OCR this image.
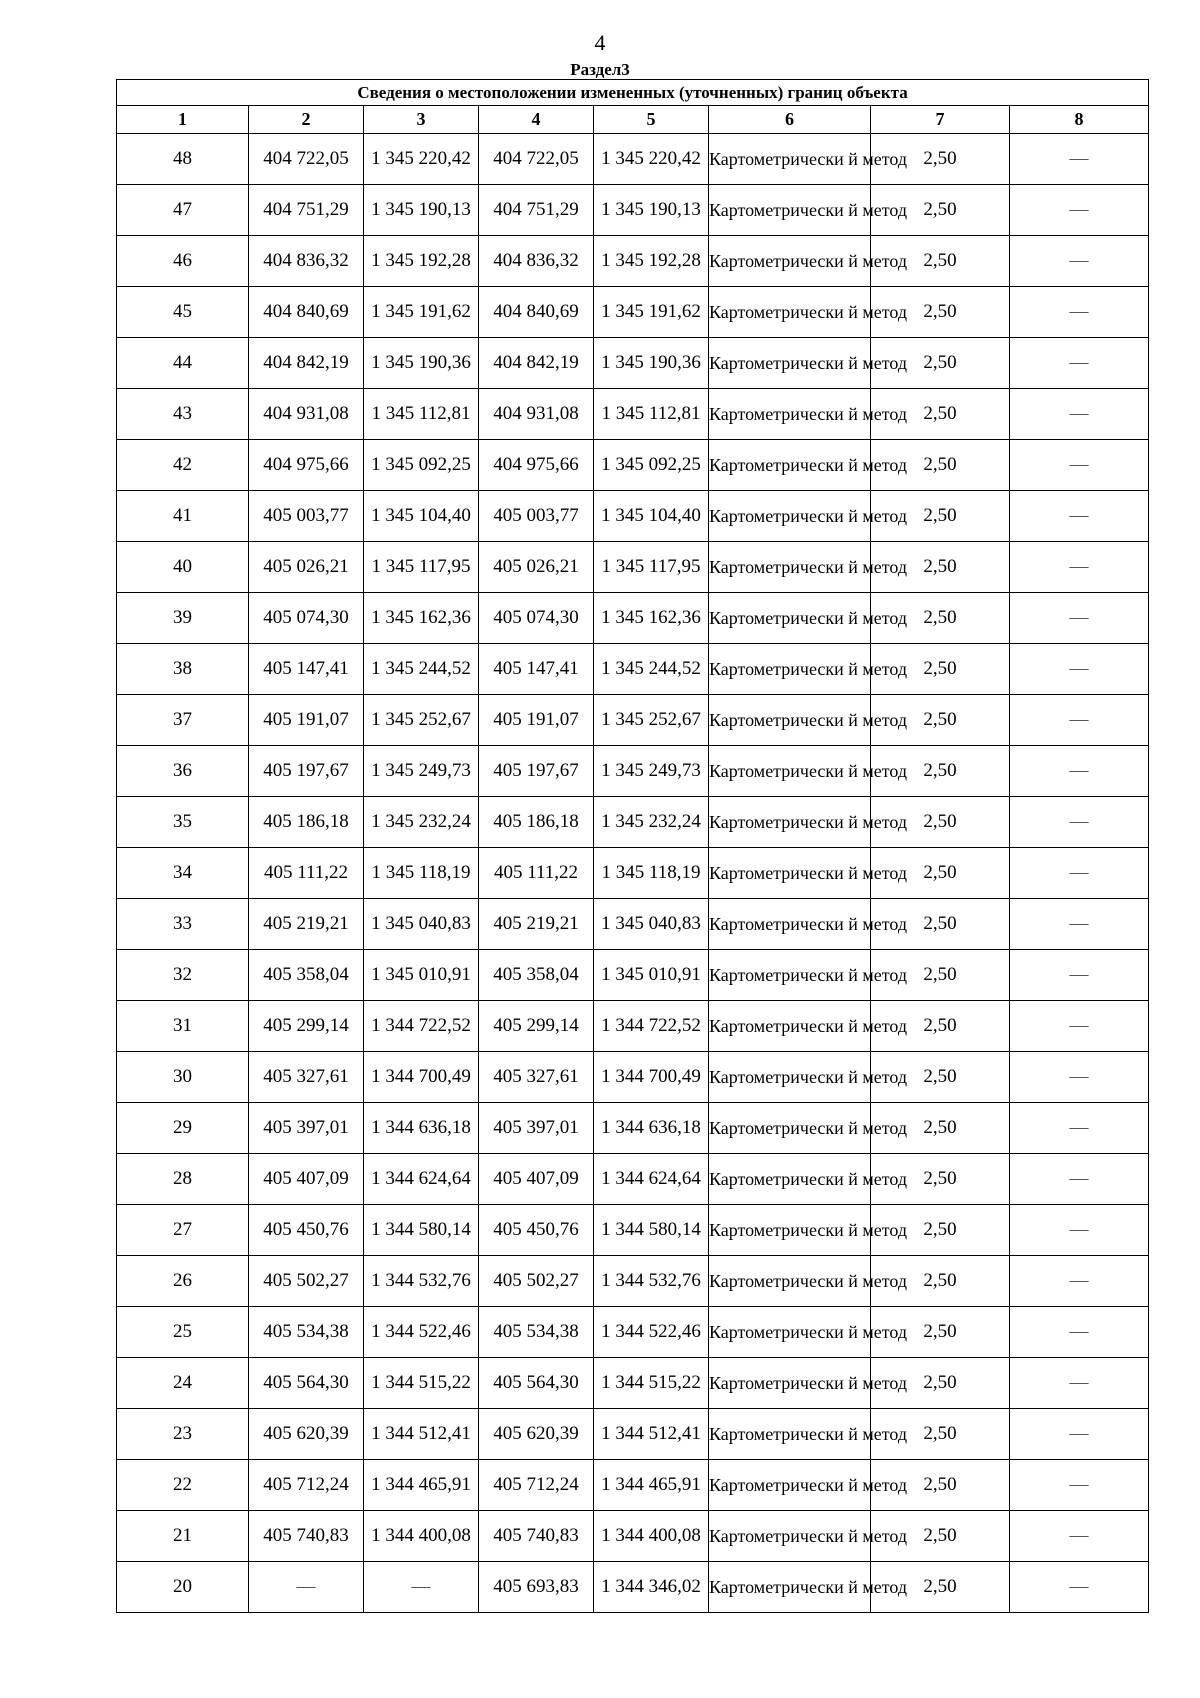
4
Раздел3
Сведения о местоположении измененных (уточненных) границ объекта							
1	2	3	4	5	6	7	8
48	404 722,05	1 345 220,42	404 722,05	1 345 220,42	Картометрически й метод	2,50	—
47	404 751,29	1 345 190,13	404 751,29	1 345 190,13	Картометрически й метод	2,50	—
46	404 836,32	1 345 192,28	404 836,32	1 345 192,28	Картометрически й метод	2,50	—
45	404 840,69	1 345 191,62	404 840,69	1 345 191,62	Картометрически й метод	2,50	—
44	404 842,19	1 345 190,36	404 842,19	1 345 190,36	Картометрически й метод	2,50	—
43	404 931,08	1 345 112,81	404 931,08	1 345 112,81	Картометрически й метод	2,50	—
42	404 975,66	1 345 092,25	404 975,66	1 345 092,25	Картометрически й метод	2,50	—
41	405 003,77	1 345 104,40	405 003,77	1 345 104,40	Картометрически й метод	2,50	—
40	405 026,21	1 345 117,95	405 026,21	1 345 117,95	Картометрически й метод	2,50	—
39	405 074,30	1 345 162,36	405 074,30	1 345 162,36	Картометрически й метод	2,50	—
38	405 147,41	1 345 244,52	405 147,41	1 345 244,52	Картометрически й метод	2,50	—
37	405 191,07	1 345 252,67	405 191,07	1 345 252,67	Картометрически й метод	2,50	—
36	405 197,67	1 345 249,73	405 197,67	1 345 249,73	Картометрически й метод	2,50	—
35	405 186,18	1 345 232,24	405 186,18	1 345 232,24	Картометрически й метод	2,50	—
34	405 111,22	1 345 118,19	405 111,22	1 345 118,19	Картометрически й метод	2,50	—
33	405 219,21	1 345 040,83	405 219,21	1 345 040,83	Картометрически й метод	2,50	—
32	405 358,04	1 345 010,91	405 358,04	1 345 010,91	Картометрически й метод	2,50	—
31	405 299,14	1 344 722,52	405 299,14	1 344 722,52	Картометрически й метод	2,50	—
30	405 327,61	1 344 700,49	405 327,61	1 344 700,49	Картометрически й метод	2,50	—
29	405 397,01	1 344 636,18	405 397,01	1 344 636,18	Картометрически й метод	2,50	—
28	405 407,09	1 344 624,64	405 407,09	1 344 624,64	Картометрически й метод	2,50	—
27	405 450,76	1 344 580,14	405 450,76	1 344 580,14	Картометрически й метод	2,50	—
26	405 502,27	1 344 532,76	405 502,27	1 344 532,76	Картометрически й метод	2,50	—
25	405 534,38	1 344 522,46	405 534,38	1 344 522,46	Картометрически й метод	2,50	—
24	405 564,30	1 344 515,22	405 564,30	1 344 515,22	Картометрически й метод	2,50	—
23	405 620,39	1 344 512,41	405 620,39	1 344 512,41	Картометрически й метод	2,50	—
22	405 712,24	1 344 465,91	405 712,24	1 344 465,91	Картометрически й метод	2,50	—
21	405 740,83	1 344 400,08	405 740,83	1 344 400,08	Картометрически й метод	2,50	—
20	—	—	405 693,83	1 344 346,02	Картометрически й метод	2,50	—
